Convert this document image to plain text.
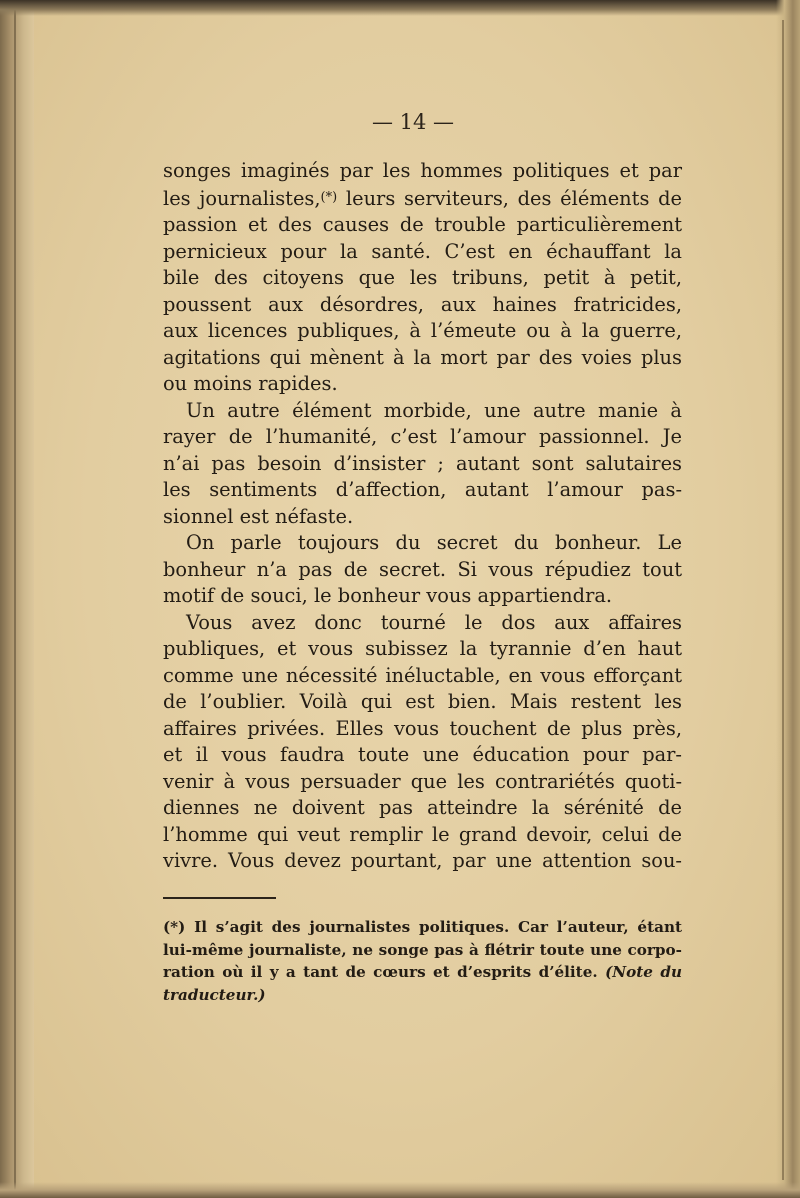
— 14 —
songes imaginés par les hommes politiques et par
les journalistes,(*) leurs serviteurs, des éléments de
passion et des causes de trouble particulièrement
pernicieux pour la santé. C’est en échauffant la
bile des citoyens que les tribuns, petit à petit,
poussent aux désordres, aux haines fratricides,
aux licences publiques, à l’émeute ou à la guerre,
agitations qui mènent à la mort par des voies plus
ou moins rapides.
Un autre élément morbide, une autre manie à
rayer de l’humanité, c’est l’amour passionnel. Je
n’ai pas besoin d’insister ; autant sont salutaires
les sentiments d’affection, autant l’amour pas-
sionnel est néfaste.
On parle toujours du secret du bonheur. Le
bonheur n’a pas de secret. Si vous répudiez tout
motif de souci, le bonheur vous appartiendra.
Vous avez donc tourné le dos aux affaires
publiques, et vous subissez la tyrannie d’en haut
comme une nécessité inéluctable, en vous efforçant
de l’oublier. Voilà qui est bien. Mais restent les
affaires privées. Elles vous touchent de plus près,
et il vous faudra toute une éducation pour par-
venir à vous persuader que les contrariétés quoti-
diennes ne doivent pas atteindre la sérénité de
l’homme qui veut remplir le grand devoir, celui de
vivre. Vous devez pourtant, par une attention sou-
(*) Il s’agit des journalistes politiques. Car l’auteur, étant
lui-même journaliste, ne songe pas à flétrir toute une corpo-
ration où il y a tant de cœurs et d’esprits d’élite. (Note du
traducteur.)
